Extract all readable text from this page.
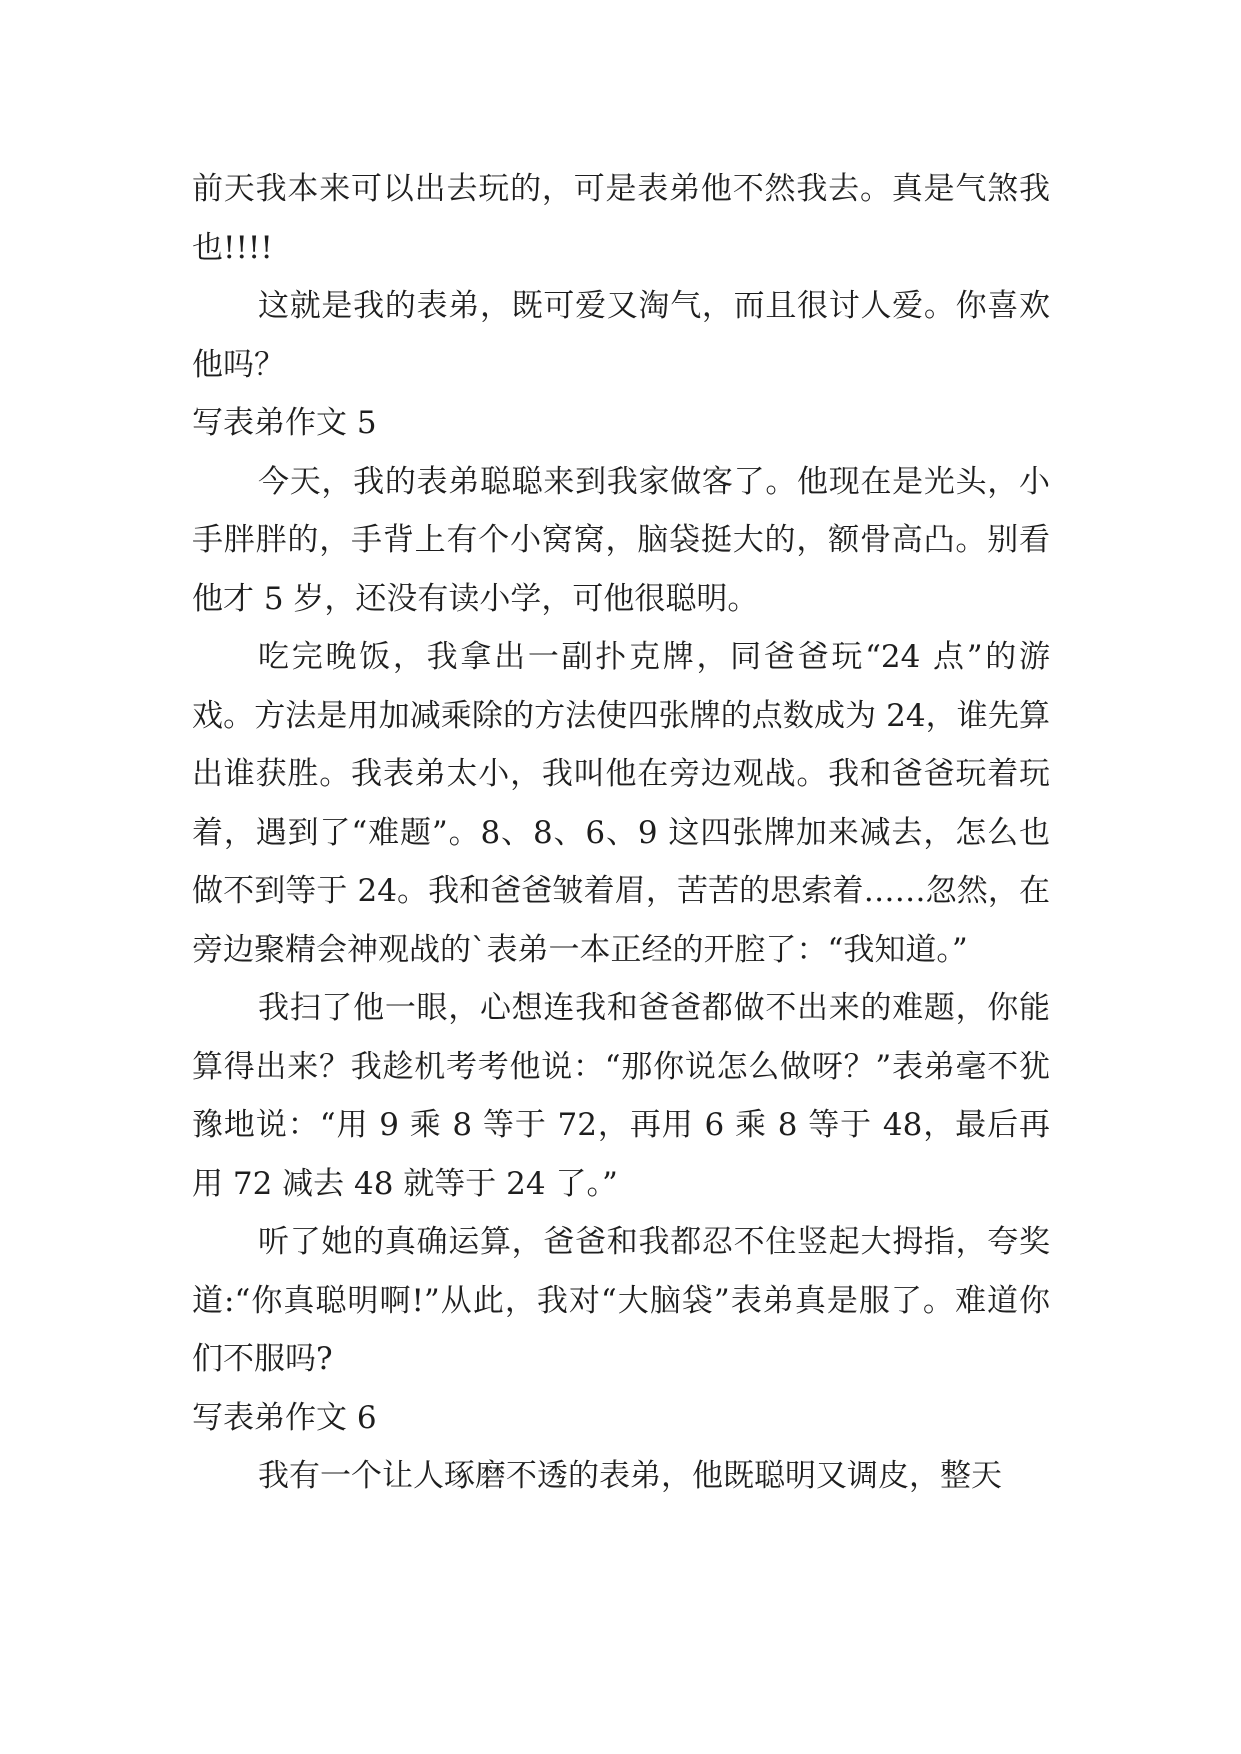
前天我本来可以出去玩的，可是表弟他不然我去。真是气煞我也!!!!

这就是我的表弟，既可爱又淘气，而且很讨人爱。你喜欢他吗？

写表弟作文 5

今天，我的表弟聪聪来到我家做客了。他现在是光头，小手胖胖的，手背上有个小窝窝，脑袋挺大的，额骨高凸。别看他才 5 岁，还没有读小学，可他很聪明。

吃完晚饭，我拿出一副扑克牌，同爸爸玩“24 点”的游戏。方法是用加减乘除的方法使四张牌的点数成为 24，谁先算出谁获胜。我表弟太小，我叫他在旁边观战。我和爸爸玩着玩着，遇到了“难题”。8、8、6、9 这四张牌加来减去，怎么也做不到等于 24。我和爸爸皱着眉，苦苦的思索着……忽然，在旁边聚精会神观战的`表弟一本正经的开腔了：“我知道。”

我扫了他一眼，心想连我和爸爸都做不出来的难题，你能算得出来？我趁机考考他说：“那你说怎么做呀？”表弟毫不犹豫地说：“用 9 乘 8 等于 72，再用 6 乘 8 等于 48，最后再用 72 减去 48 就等于 24 了。”

听了她的真确运算，爸爸和我都忍不住竖起大拇指，夸奖道:“你真聪明啊!”从此，我对“大脑袋”表弟真是服了。难道你们不服吗?

写表弟作文 6

我有一个让人琢磨不透的表弟，他既聪明又调皮，整天
